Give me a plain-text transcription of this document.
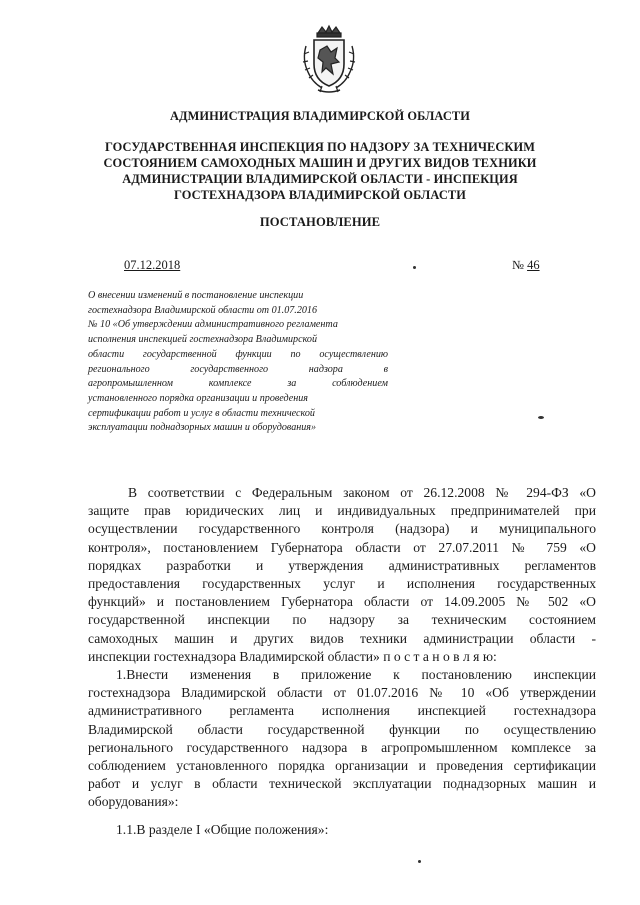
АДМИНИСТРАЦИЯ ВЛАДИМИРСКОЙ ОБЛАСТИ
ГОСУДАРСТВЕННАЯ ИНСПЕКЦИЯ ПО НАДЗОРУ ЗА ТЕХНИЧЕСКИМ
СОСТОЯНИЕМ САМОХОДНЫХ МАШИН И ДРУГИХ ВИДОВ ТЕХНИКИ
АДМИНИСТРАЦИИ ВЛАДИМИРСКОЙ ОБЛАСТИ - ИНСПЕКЦИЯ
ГОСТЕХНАДЗОРА ВЛАДИМИРСКОЙ ОБЛАСТИ
ПОСТАНОВЛЕНИЕ
07.12.2018	№ 46
О внесении изменений в постановление инспекции
гостехнадзора Владимирской области от 01.07.2016
№ 10 «Об утверждении административного регламента
исполнения инспекцией гостехнадзора Владимирской
области государственной функции по осуществлению
регионального государственного надзора в
агропромышленном комплексе за соблюдением
установленного порядка организации и проведения
сертификации работ и услуг в области технической
эксплуатации поднадзорных машин и оборудования»
В соответствии с Федеральным законом от 26.12.2008 № 294-ФЗ «О
защите прав юридических лиц и индивидуальных предпринимателей при
осуществлении государственного контроля (надзора) и муниципального
контроля», постановлением Губернатора области от 27.07.2011 № 759 «О
порядках разработки и утверждения административных регламентов
предоставления государственных услуг и исполнения государственных
функций» и постановлением Губернатора области от 14.09.2005 № 502 «О
государственной инспекции по надзору за техническим состоянием
самоходных машин и других видов техники администрации области -
инспекции гостехнадзора Владимирской области» п о с т а н о в л я ю:
1.Внести изменения в приложение к постановлению инспекции
гостехнадзора Владимирской области от 01.07.2016 № 10 «Об утверждении
административного регламента исполнения инспекцией гостехнадзора
Владимирской области государственной функции по осуществлению
регионального государственного надзора в агропромышленном комплексе за
соблюдением установленного порядка организации и проведения сертификации
работ и услуг в области технической эксплуатации поднадзорных машин и
оборудования»:
1.1.В разделе I «Общие положения»:
